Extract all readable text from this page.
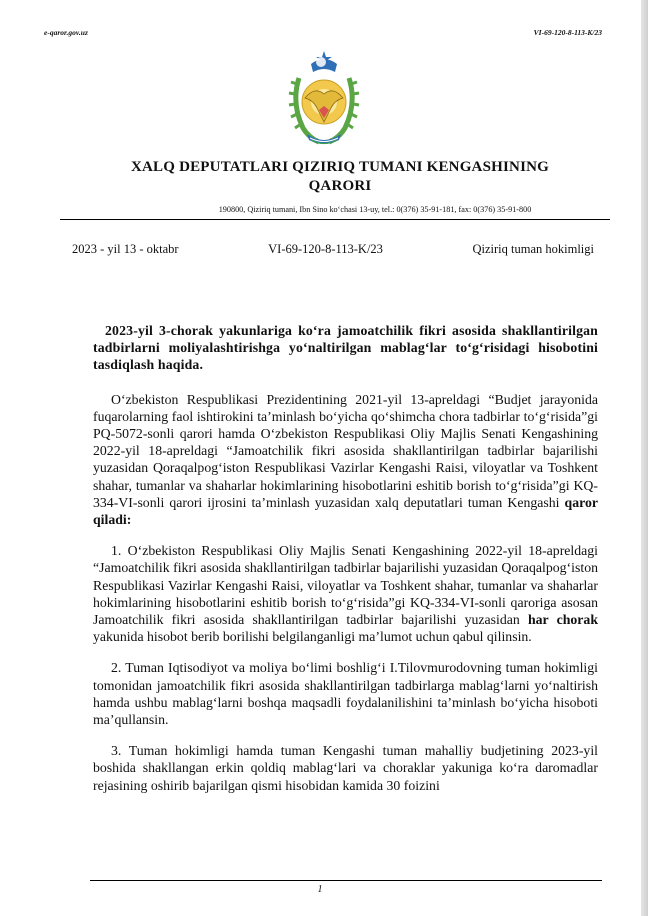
e-qaror.gov.uz	VI-69-120-8-113-K/23
XALQ DEPUTATLARI QIZIRIQ TUMANI KENGASHINING
QARORI
190800, Qiziriq tumani, Ibn Sino ko‘chasi 13-uy, tel.: 0(376) 35-91-181, fax: 0(376) 35-91-800
2023 - yil 13 - oktabr	VI-69-120-8-113-K/23	Qiziriq tuman hokimligi

2023-yil 3-chorak yakunlariga ko‘ra jamoatchilik fikri asosida shakllantirilgan tadbirlarni moliyalashtirishga yo‘naltirilgan mablag‘lar to‘g‘risidagi hisobotini tasdiqlash haqida.

O‘zbekiston Respublikasi Prezidentining 2021-yil 13-apreldagi “Budjet jarayonida fuqarolarning faol ishtirokini ta’minlash bo‘yicha qo‘shimcha chora tadbirlar to‘g‘risida”gi PQ-5072-sonli qarori hamda O‘zbekiston Respublikasi Oliy Majlis Senati Kengashining 2022-yil 18-apreldagi “Jamoatchilik fikri asosida shakllantirilgan tadbirlar bajarilishi yuzasidan Qoraqalpog‘iston Respublikasi Vazirlar Kengashi Raisi, viloyatlar va Toshkent shahar, tumanlar va shaharlar hokimlarining hisobotlarini eshitib borish to‘g‘risida”gi KQ-334-VI-sonli qarori ijrosini ta’minlash yuzasidan xalq deputatlari tuman Kengashi qaror qiladi:

1. O‘zbekiston Respublikasi Oliy Majlis Senati Kengashining 2022-yil 18-apreldagi “Jamoatchilik fikri asosida shakllantirilgan tadbirlar bajarilishi yuzasidan Qoraqalpog‘iston Respublikasi Vazirlar Kengashi Raisi, viloyatlar va Toshkent shahar, tumanlar va shaharlar hokimlarining hisobotlarini eshitib borish to‘g‘risida”gi KQ-334-VI-sonli qaroriga asosan Jamoatchilik fikri asosida shakllantirilgan tadbirlar bajarilishi yuzasidan har chorak yakunida hisobot berib borilishi belgilanganligi ma’lumot uchun qabul qilinsin.

2. Tuman Iqtisodiyot va moliya bo‘limi boshlig‘i I.Tilovmurodovning tuman hokimligi tomonidan jamoatchilik fikri asosida shakllantirilgan tadbirlarga mablag‘larni yo‘naltirish hamda ushbu mablag‘larni boshqa maqsadli foydalanilishini ta’minlash bo‘yicha hisoboti ma’qullansin.

3. Tuman hokimligi hamda tuman Kengashi tuman mahalliy budjetining 2023-yil boshida shakllangan erkin qoldiq mablag‘lari va choraklar yakuniga ko‘ra daromadlar rejasining oshirib bajarilgan qismi hisobidan kamida 30 foizini

1
